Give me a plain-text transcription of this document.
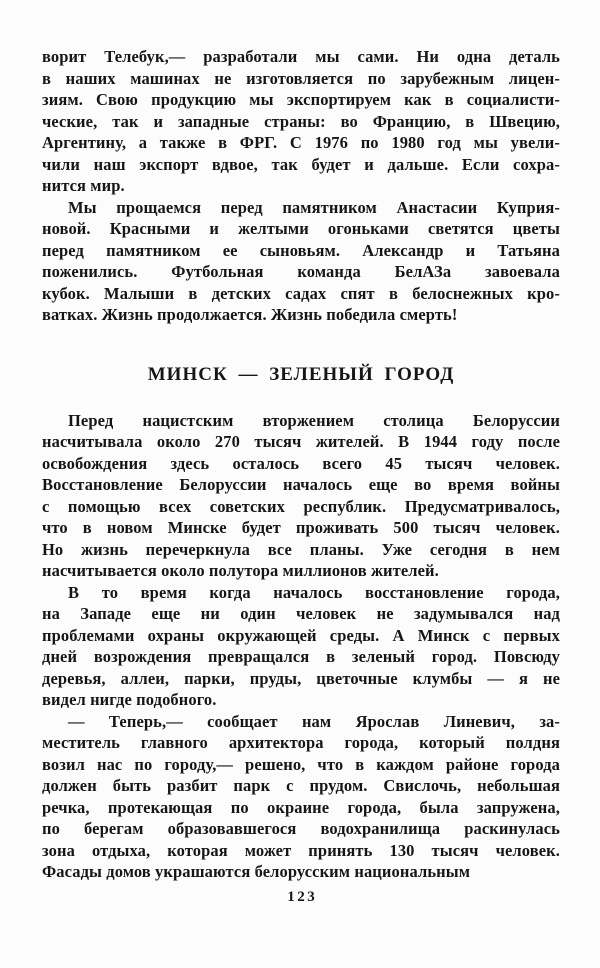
ворит Телебук,— разработали мы сами. Ни одна деталь
в наших машинах не изготовляется по зарубежным лицен-
зиям. Свою продукцию мы экспортируем как в социалисти-
ческие, так и западные страны: во Францию, в Швецию,
Аргентину, а также в ФРГ. С 1976 по 1980 год мы увели-
чили наш экспорт вдвое, так будет и дальше. Если сохра-
нится мир.

Мы прощаемся перед памятником Анастасии Куприя-
новой. Красными и желтыми огоньками светятся цветы
перед памятником ее сыновьям. Александр и Татьяна
поженились. Футбольная команда БелАЗа завоевала
кубок. Малыши в детских садах спят в белоснежных кро-
ватках. Жизнь продолжается. Жизнь победила смерть!

МИНСК — ЗЕЛЕНЫЙ ГОРОД

Перед нацистским вторжением столица Белоруссии
насчитывала около 270 тысяч жителей. В 1944 году после
освобождения здесь осталось всего 45 тысяч человек.
Восстановление Белоруссии началось еще во время войны
с помощью всех советских республик. Предусматривалось,
что в новом Минске будет проживать 500 тысяч человек.
Но жизнь перечеркнула все планы. Уже сегодня в нем
насчитывается около полутора миллионов жителей.

В то время когда началось восстановление города,
на Западе еще ни один человек не задумывался над
проблемами охраны окружающей среды. А Минск с первых
дней возрождения превращался в зеленый город. Повсюду
деревья, аллеи, парки, пруды, цветочные клумбы — я не
видел нигде подобного.

— Теперь,— сообщает нам Ярослав Линевич, за-
меститель главного архитектора города, который полдня
возил нас по городу,— решено, что в каждом районе города
должен быть разбит парк с прудом. Свислочь, небольшая
речка, протекающая по окраине города, была запружена,
по берегам образовавшегося водохранилища раскинулась
зона отдыха, которая может принять 130 тысяч человек.
Фасады домов украшаются белорусским национальным

123
